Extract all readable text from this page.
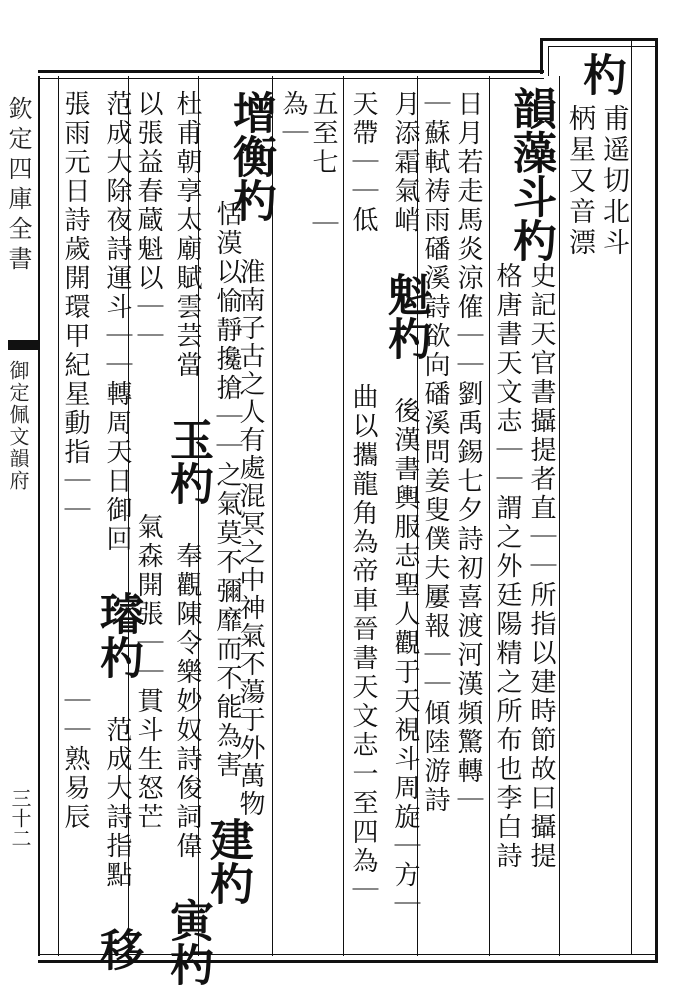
杓
甫遥切北斗
柄星又音漂
韻藻斗杓
史記天官書攝提者直｜｜所指以建時節故曰攝提
格唐書天文志｜｜謂之外廷陽精之所布也李白詩
日月若走馬炎涼傕｜｜劉禹錫七夕詩初喜渡河漢頻驚轉｜
｜蘇軾祷雨磻溪詩欲向磻溪問姜叟僕夫屢報｜｜傾陸游詩
月添霜氣峭 魁杓 後漢書輿服志聖人觀于天視斗周旋｜方｜
天帶｜｜低  曲以攜龍角為帝車晉書天文志一至四為｜
五至七 ｜
為｜
增衡杓 淮南子古之人有處混冥之中神氣不蕩于外萬物
恬漠以愉靜攙搶｜｜之氣莫不彌靡而不能為害 建杓
杜甫朝享太廟賦雲芸當 玉杓 奉觀陳令樂妙奴詩俊詞偉 寅杓
以張益春蔵魁以｜｜  氣森開張｜｜貫斗生怒芒
范成大除夜詩運斗｜｜轉周天日御回 璿杓 范成大詩指點 移
張雨元日詩歲開環甲紀星動指｜｜  ｜｜熟易辰
欽定四庫全書
御定佩文韻府
三十二
